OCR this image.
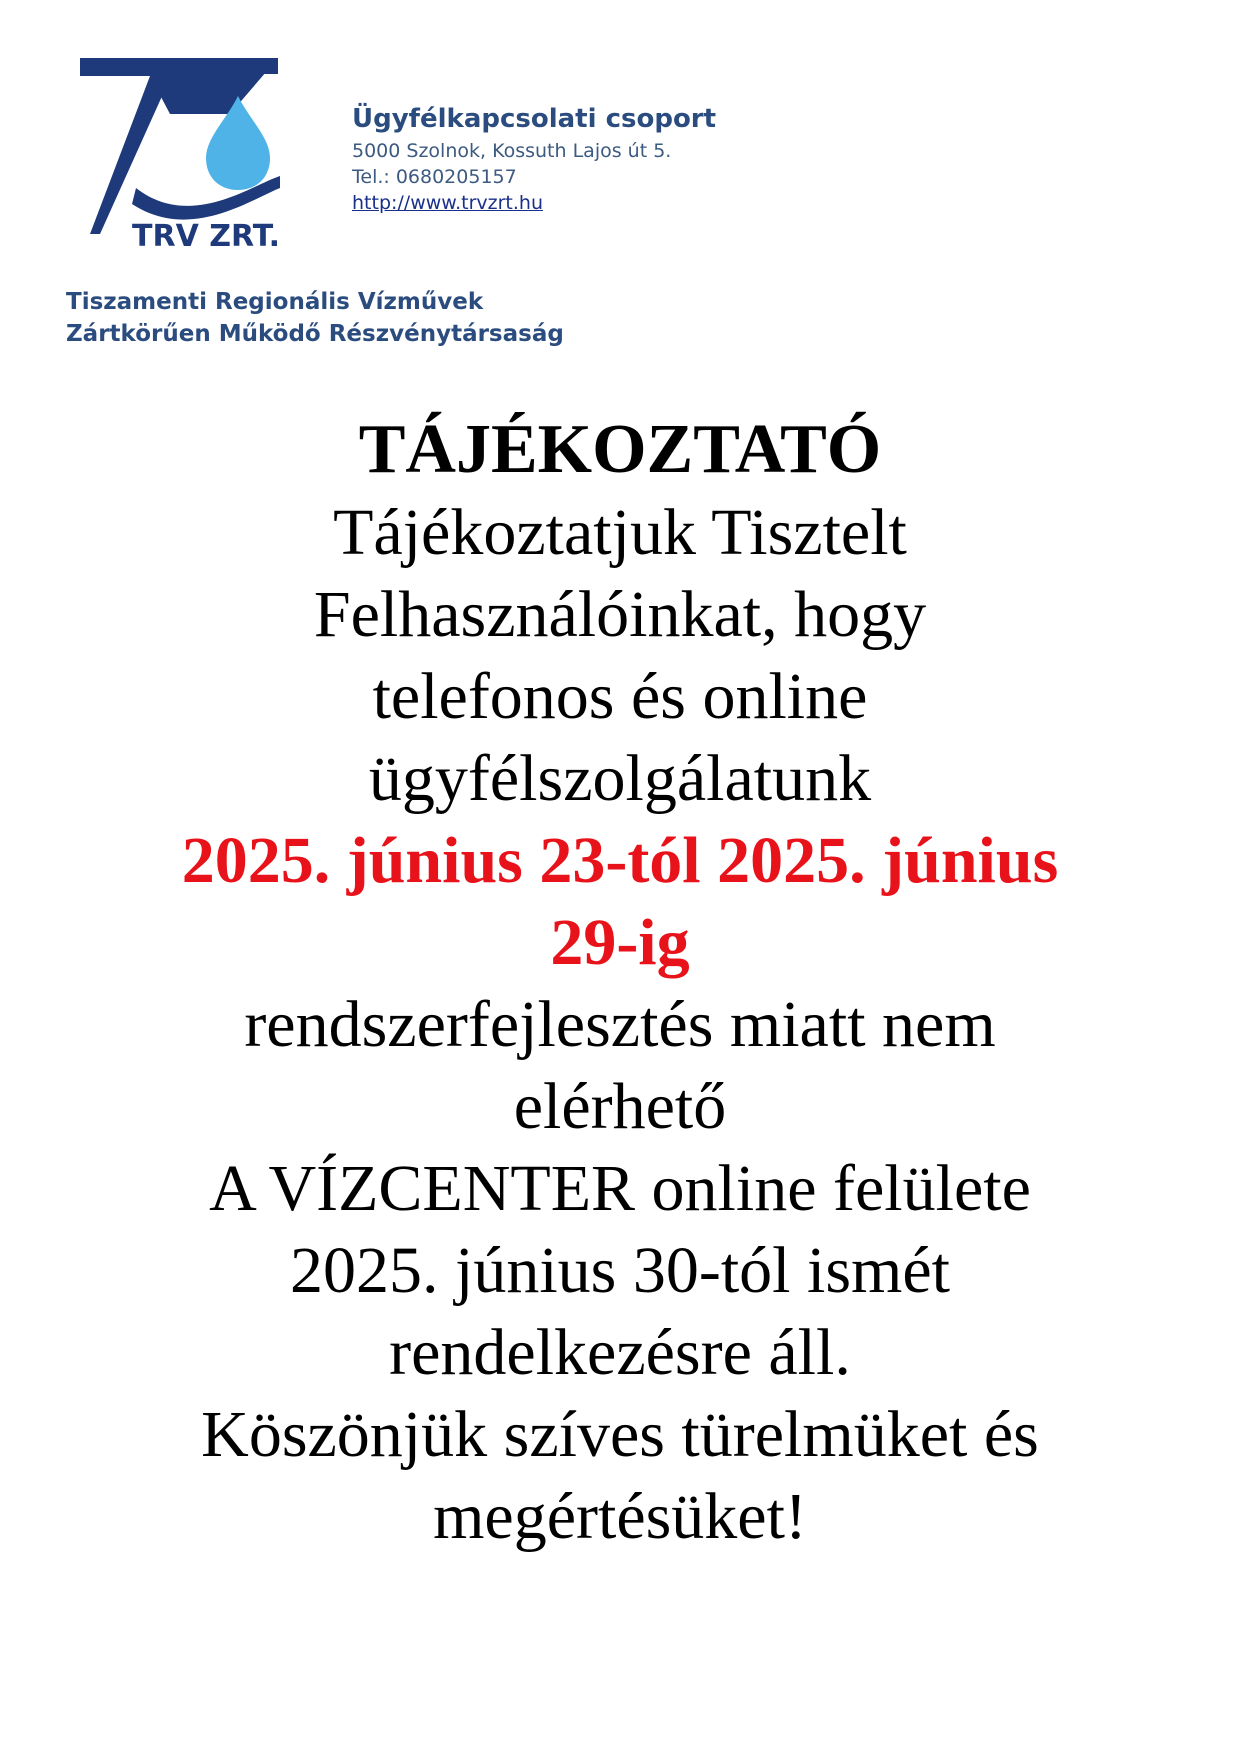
TRV ZRT.
Ügyfélkapcsolati csoport
5000 Szolnok, Kossuth Lajos út 5.
Tel.: 0680205157
http://www.trvzrt.hu
Tiszamenti Regionális Vízművek
Zártkörűen Működő Részvénytársaság
TÁJÉKOZTATÓ
Tájékoztatjuk Tisztelt
Felhasználóinkat, hogy
telefonos és online
ügyfélszolgálatunk
2025. június 23-tól 2025. június
29-ig
rendszerfejlesztés miatt nem
elérhető
A VÍZCENTER online felülete
2025. június 30-tól ismét
rendelkezésre áll.
Köszönjük szíves türelmüket és
megértésüket!
